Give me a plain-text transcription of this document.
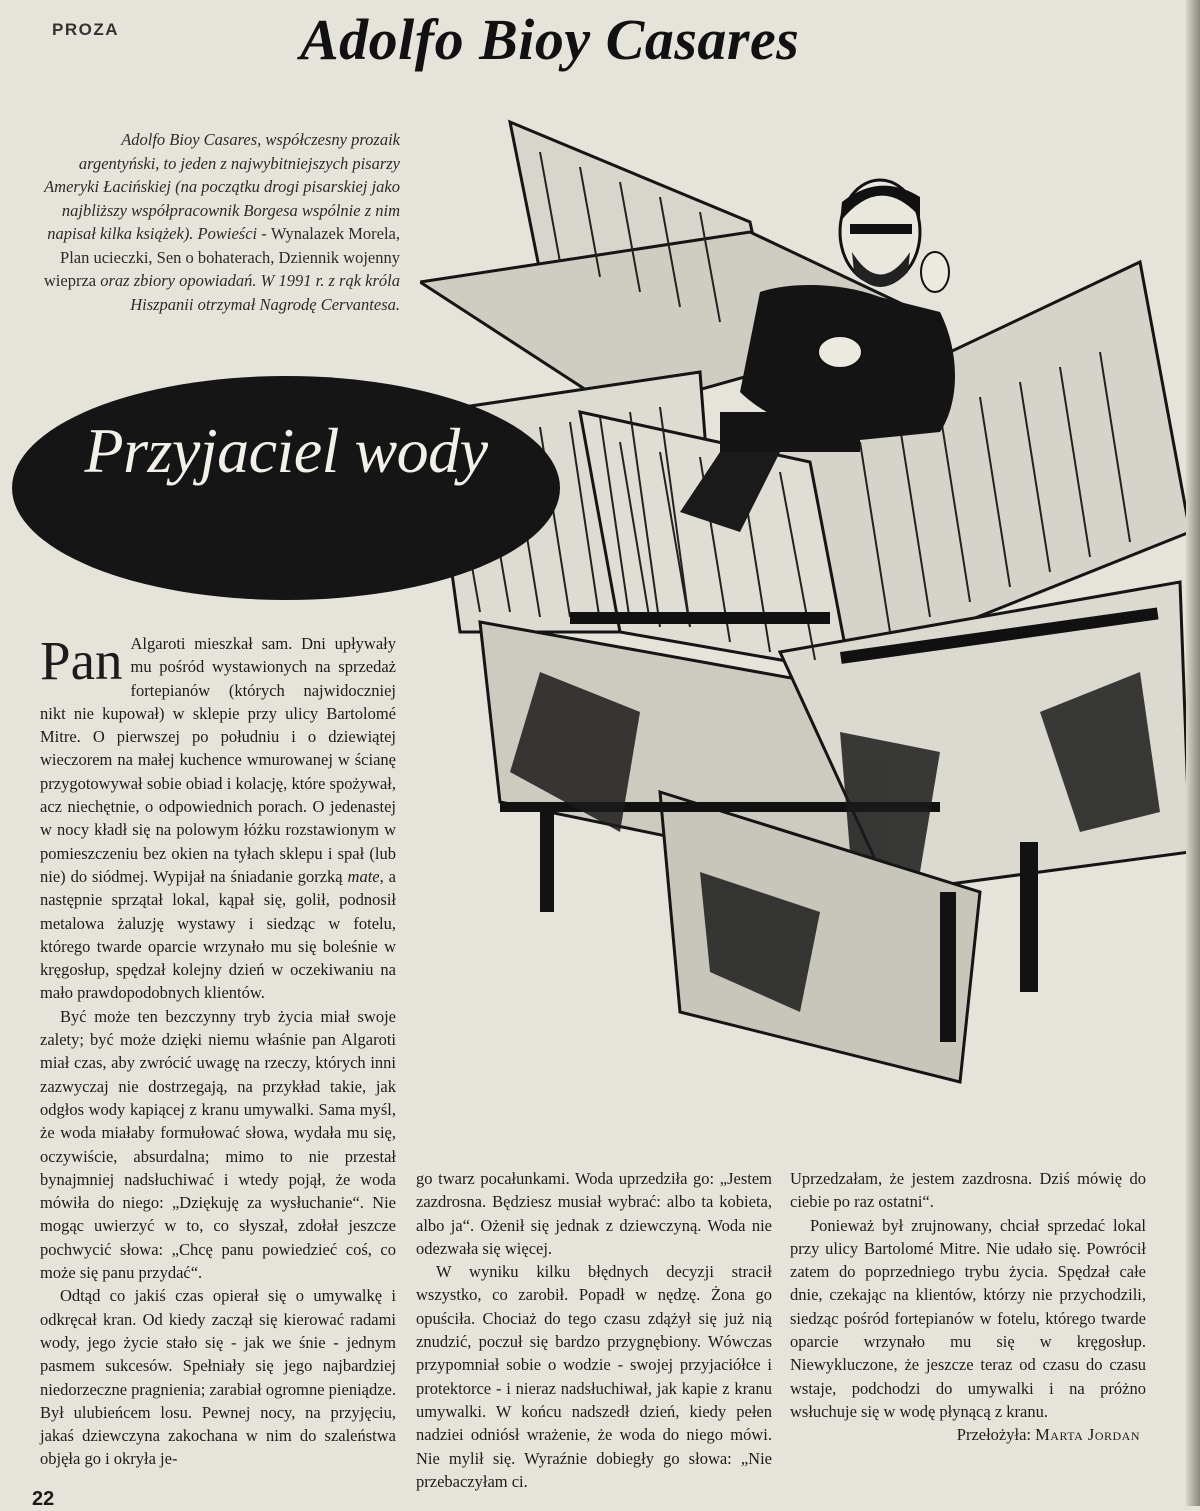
PROZA	Adolfo Bioy Casares
Adolfo Bioy Casares, współczesny prozaik argentyński, to jeden z najwybitniejszych pisarzy Ameryki Łacińskiej (na początku drogi pisarskiej jako najbliższy współpracownik Borgesa wspólnie z nim napisał kilka książek). Powieści - Wynalazek Morela, Plan ucieczki, Sen o bohaterach, Dziennik wojenny wieprza oraz zbiory opowiadań. W 1991 r. z rąk króla Hiszpanii otrzymał Nagrodę Cervantesa.
Przyjaciel wody

Pan Algaroti mieszkał sam. Dni upływały mu pośród wystawionych na sprzedaż fortepianów (których najwidoczniej nikt nie kupował) w sklepie przy ulicy Bartolomé Mitre. O pierwszej po południu i o dziewiątej wieczorem na małej kuchence wmurowanej w ścianę przygotowywał sobie obiad i kolację, które spożywał, acz niechętnie, o odpowiednich porach. O jedenastej w nocy kładł się na polowym łóżku rozstawionym w pomieszczeniu bez okien na tyłach sklepu i spał (lub nie) do siódmej. Wypijał na śniadanie gorzką mate, a następnie sprzątał lokal, kąpał się, golił, podnosił metalowa żaluzję wystawy i siedząc w fotelu, którego twarde oparcie wrzynało mu się boleśnie w kręgosłup, spędzał kolejny dzień w oczekiwaniu na mało prawdopodobnych klientów.

Być może ten bezczynny tryb życia miał swoje zalety; być może dzięki niemu właśnie pan Algaroti miał czas, aby zwrócić uwagę na rzeczy, których inni zazwyczaj nie dostrzegają, na przykład takie, jak odgłos wody kapiącej z kranu umywalki. Sama myśl, że woda miałaby formułować słowa, wydała mu się, oczywiście, absurdalna; mimo to nie przestał bynajmniej nadsłuchiwać i wtedy pojął, że woda mówiła do niego: „Dziękuję za wysłuchanie“. Nie mogąc uwierzyć w to, co słyszał, zdołał jeszcze pochwycić słowa: „Chcę panu powiedzieć coś, co może się panu przydać“.

Odtąd co jakiś czas opierał się o umywalkę i odkręcał kran. Od kiedy zaczął się kierować radami wody, jego życie stało się - jak we śnie - jednym pasmem sukcesów. Spełniały się jego najbardziej niedorzeczne pragnienia; zarabiał ogromne pieniądze. Był ulubieńcem losu. Pewnej nocy, na przyjęciu, jakaś dziewczyna zakochana w nim do szaleństwa objęła go i okryła je-

go twarz pocałunkami. Woda uprzedziła go: „Jestem zazdrosna. Będziesz musiał wybrać: albo ta kobieta, albo ja“. Ożenił się jednak z dziewczyną. Woda nie odezwała się więcej.

W wyniku kilku błędnych decyzji stracił wszystko, co zarobił. Popadł w nędzę. Żona go opuściła. Chociaż do tego czasu zdążył się już nią znudzić, poczuł się bardzo przygnębiony. Wówczas przypomniał sobie o wodzie - swojej przyjaciółce i protektorce - i nieraz nadsłuchiwał, jak kapie z kranu umywalki. W końcu nadszedł dzień, kiedy pełen nadziei odniósł wrażenie, że woda do niego mówi. Nie mylił się. Wyraźnie dobiegły go słowa: „Nie przebaczyłam ci.

Uprzedzałam, że jestem zazdrosna. Dziś mówię do ciebie po raz ostatni“.

Ponieważ był zrujnowany, chciał sprzedać lokal przy ulicy Bartolomé Mitre. Nie udało się. Powrócił zatem do poprzedniego trybu życia. Spędzał całe dnie, czekając na klientów, którzy nie przychodzili, siedząc pośród fortepianów w fotelu, którego twarde oparcie wrzynało mu się w kręgosłup. Niewykluczone, że jeszcze teraz od czasu do czasu wstaje, podchodzi do umywalki i na próżno wsłuchuje się w wodę płynącą z kranu.

Przełożyła: Marta Jordan
22
